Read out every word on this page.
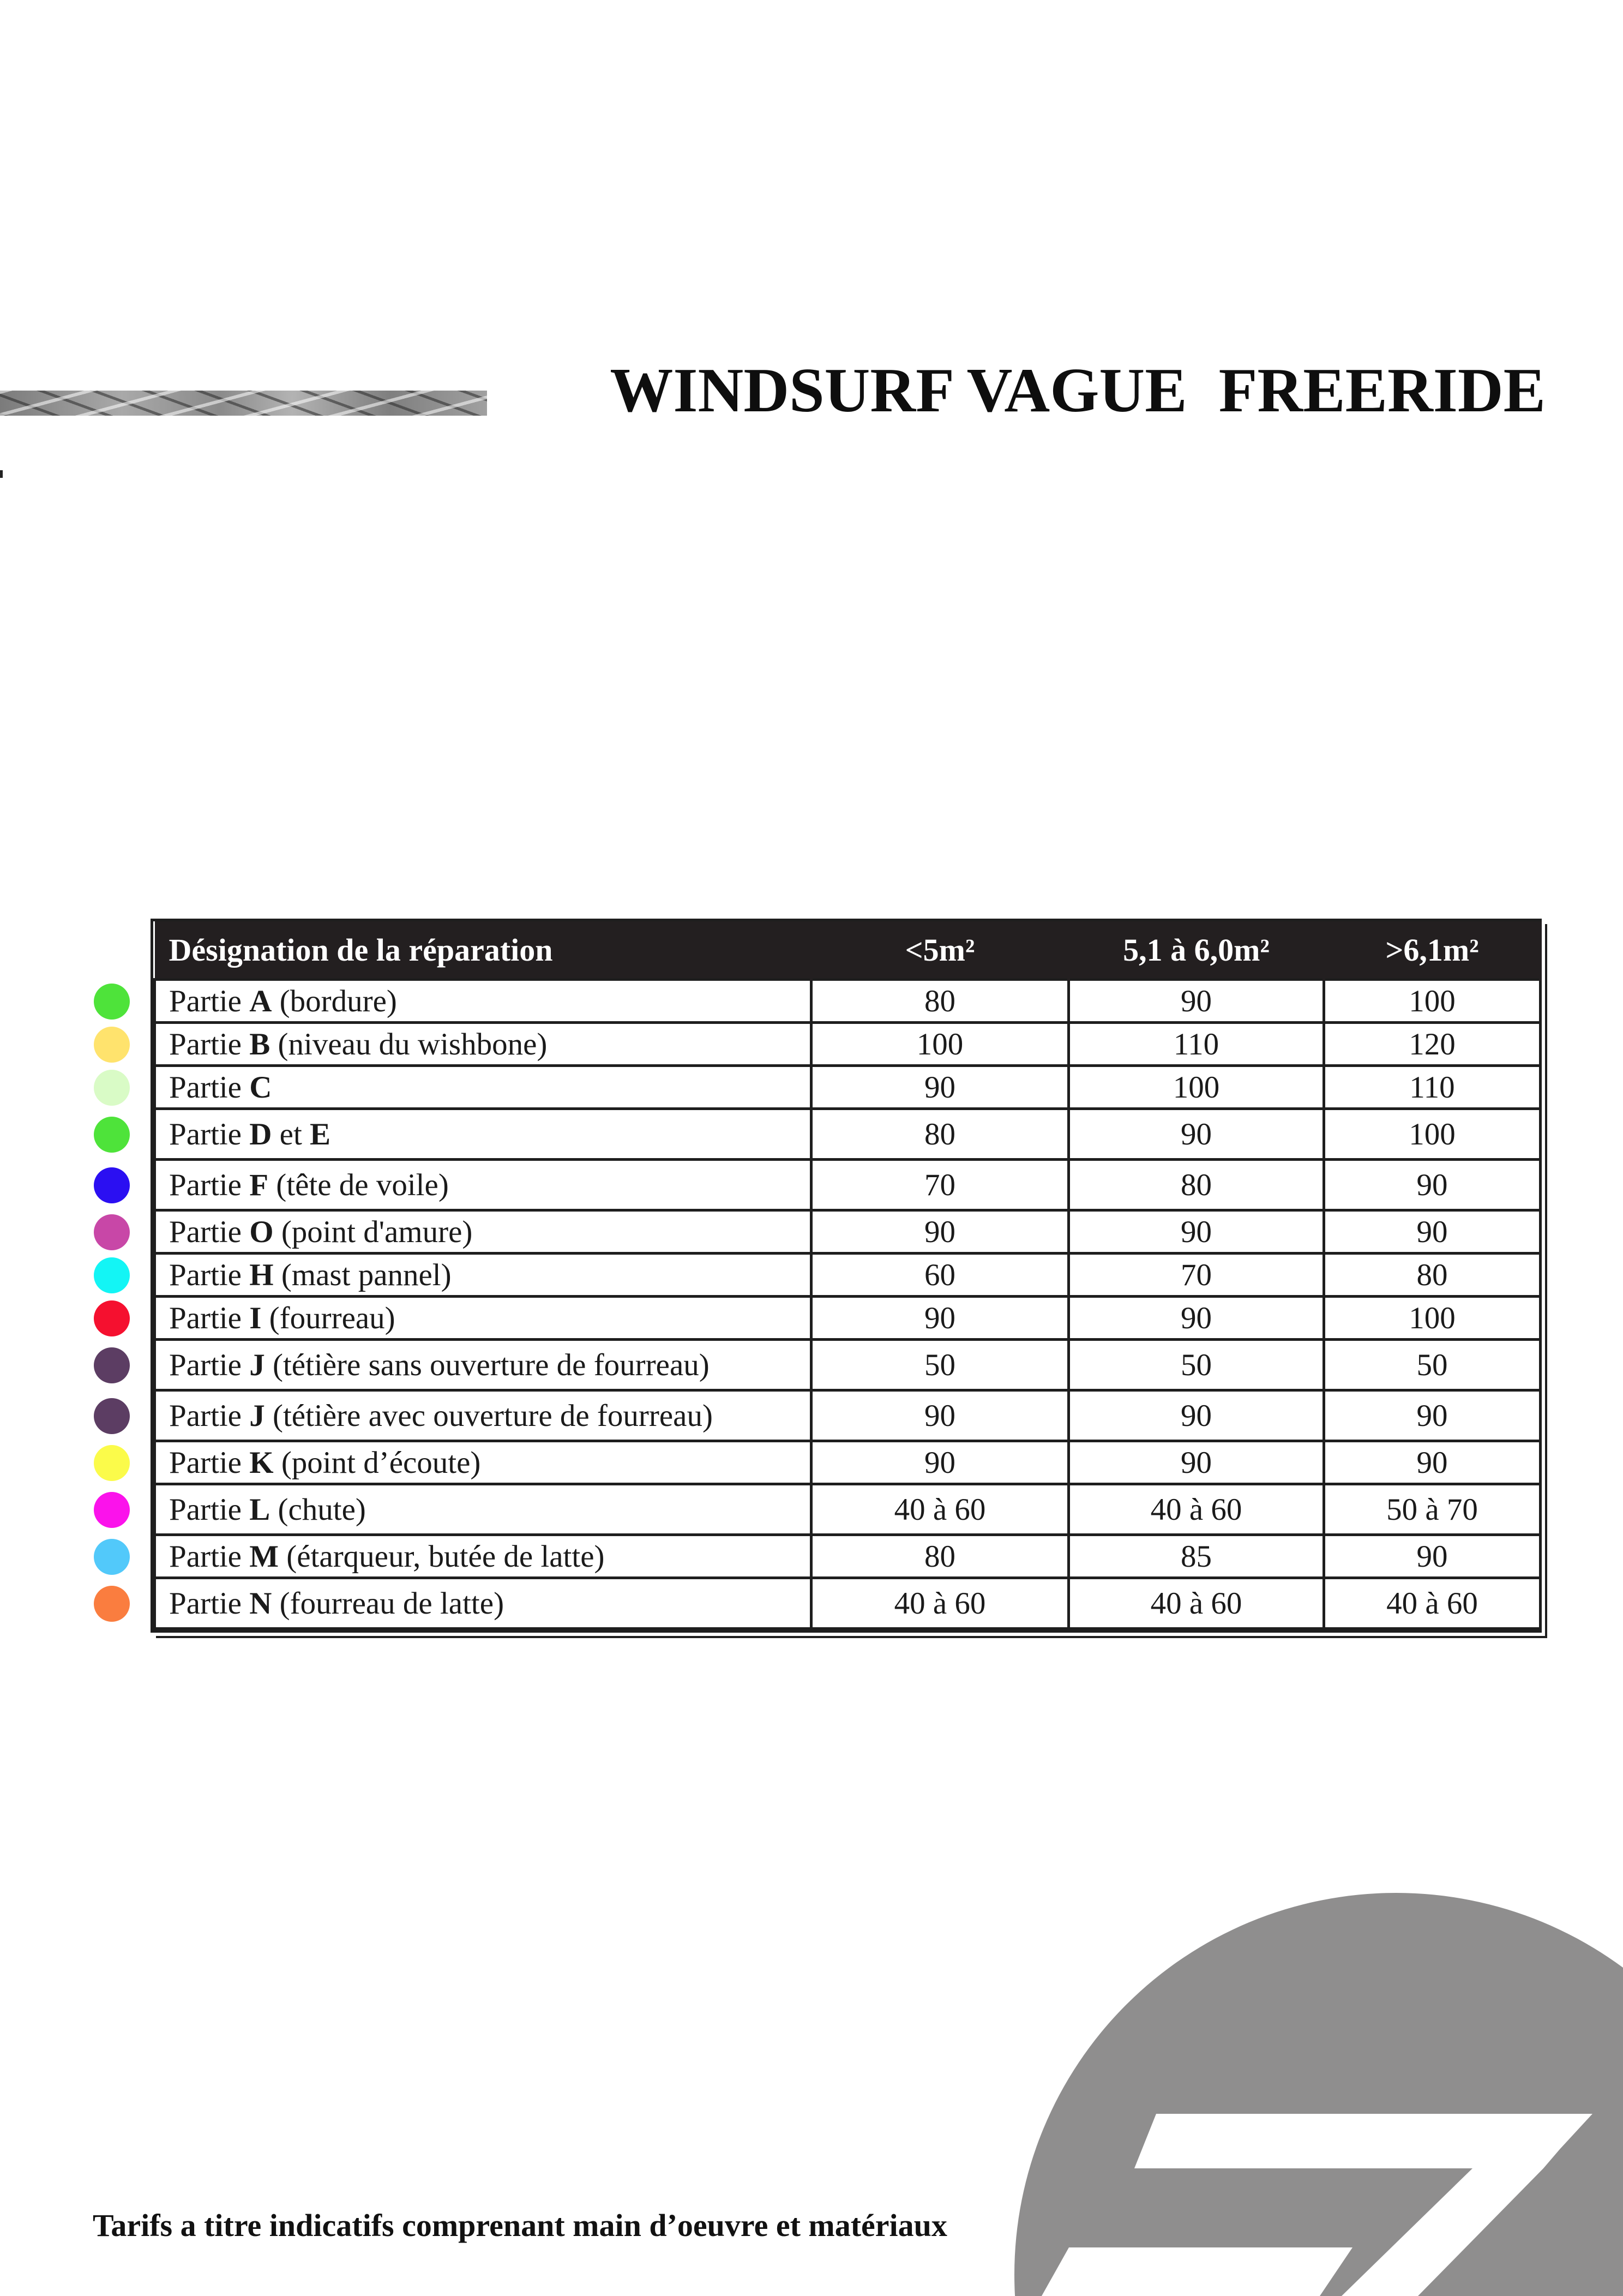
WINDSURF VAGUE  FREERIDE
Désignation de la réparation	<5m²	5,1 à 6,0m²	>6,1m²
Partie A (bordure)	80	90	100
Partie B (niveau du wishbone)	100	110	120
Partie C	90	100	110
Partie D et E	80	90	100
Partie F (tête de voile)	70	80	90
Partie O (point d'amure)	90	90	90
Partie H (mast pannel)	60	70	80
Partie I (fourreau)	90	90	100
Partie J (tétière sans ouverture de fourreau)	50	50	50
Partie J (tétière avec ouverture de fourreau)	90	90	90
Partie K (point d’écoute)	90	90	90
Partie L (chute)	40 à 60	40 à 60	50 à 70
Partie M (étarqueur, butée de latte)	80	85	90
Partie N (fourreau de latte)	40 à 60	40 à 60	40 à 60
Tarifs a titre indicatifs comprenant main d’oeuvre et matériaux
